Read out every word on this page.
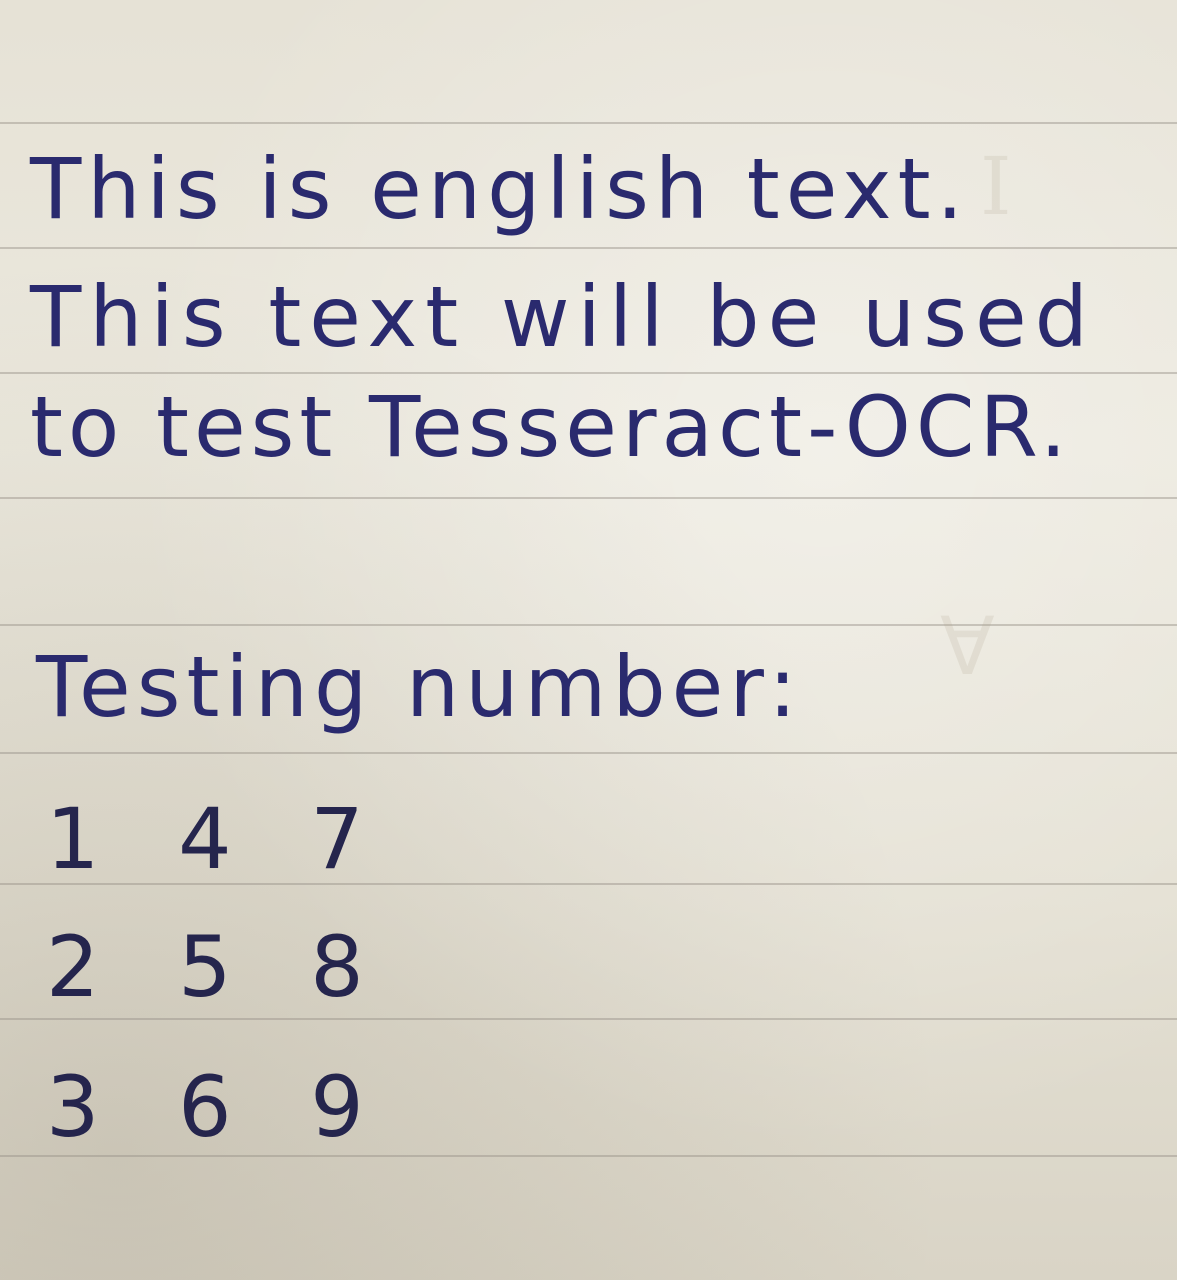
ꓯ
I

This is english text.

This text will be used

to test Tesseract-OCR.

Testing number:

1 4 7

2 5 8

3 6 9
